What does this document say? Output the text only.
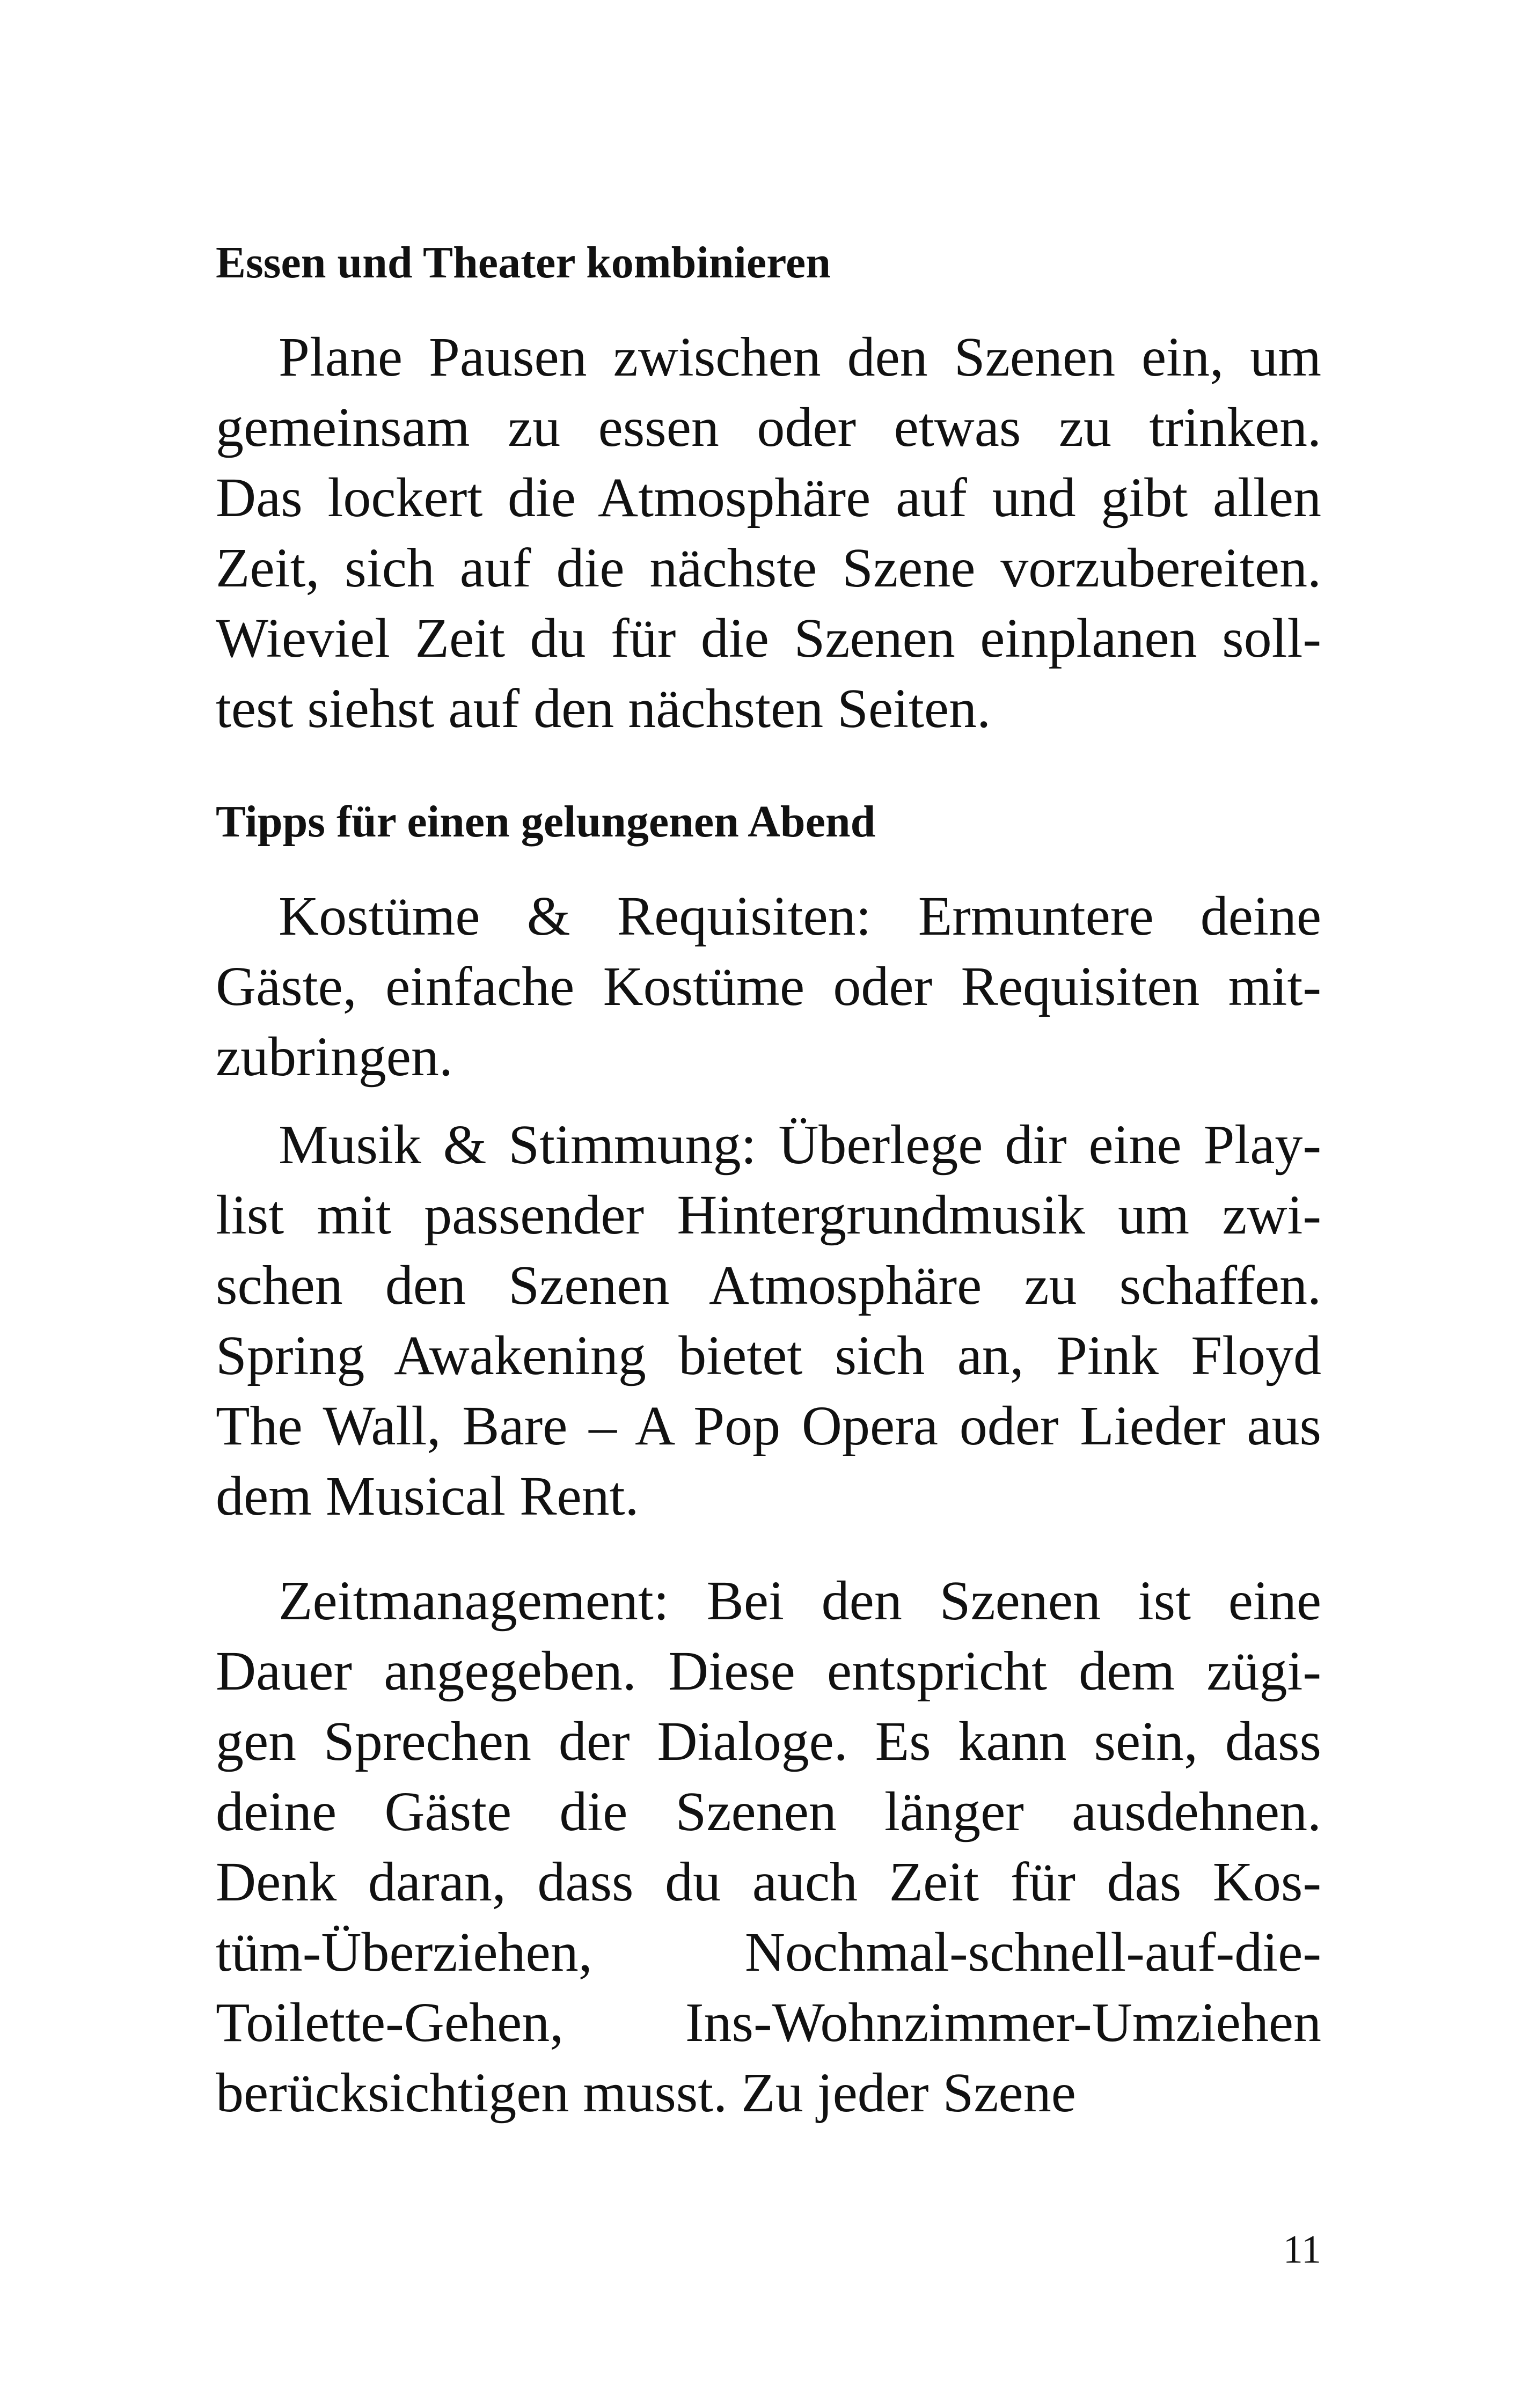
Essen und Theater kombinieren
Plane Pausen zwischen den Szenen ein, um
gemeinsam zu essen oder etwas zu trinken.
Das lockert die Atmosphäre auf und gibt allen
Zeit, sich auf die nächste Szene vorzubereiten.
Wieviel Zeit du für die Szenen einplanen soll-
test siehst auf den nächsten Seiten.
Tipps für einen gelungenen Abend
Kostüme & Requisiten: Ermuntere deine
Gäste, einfache Kostüme oder Requisiten mit-
zubringen.
Musik & Stimmung: Überlege dir eine Play-
list mit passender Hintergrundmusik um zwi-
schen den Szenen Atmosphäre zu schaffen.
Spring Awakening bietet sich an, Pink Floyd
The Wall, Bare – A Pop Opera oder Lieder aus
dem Musical Rent.
Zeitmanagement: Bei den Szenen ist eine
Dauer angegeben. Diese entspricht dem zügi-
gen Sprechen der Dialoge. Es kann sein, dass
deine Gäste die Szenen länger ausdehnen.
Denk daran, dass du auch Zeit für das Kos-
tüm-Überziehen, Nochmal-schnell-auf-die-
Toilette-Gehen, Ins-Wohnzimmer-Umziehen
berücksichtigen musst. Zu jeder Szene
11
